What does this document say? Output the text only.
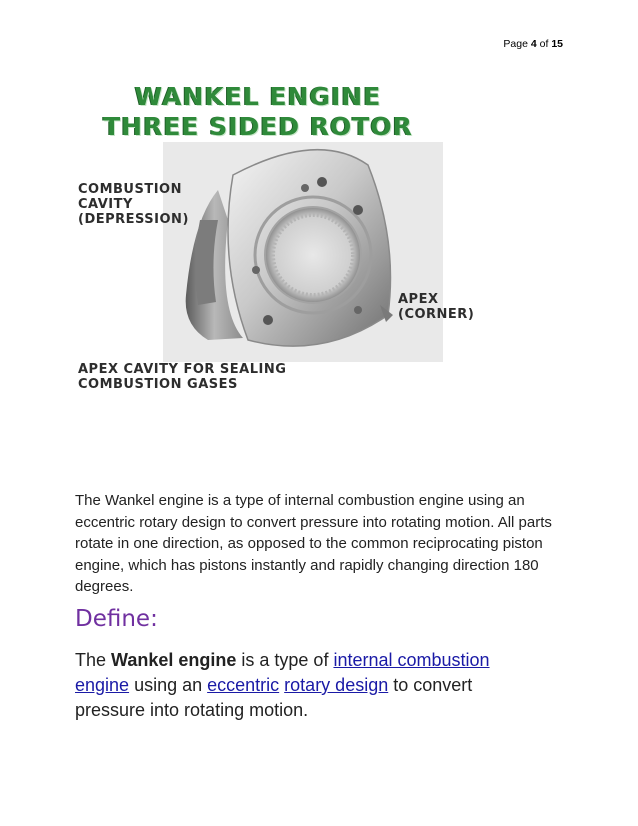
Page 4 of 15
WANKEL ENGINE
THREE SIDED ROTOR
COMBUSTION
CAVITY
(DEPRESSION)
APEX
(CORNER)
APEX CAVITY FOR SEALING
COMBUSTION GASES

The Wankel engine is a type of internal combustion engine using an eccentric rotary design to convert pressure into rotating motion. All parts rotate in one direction, as opposed to the common reciprocating piston engine, which has pistons instantly and rapidly changing direction 180 degrees.

Define:

The Wankel engine is a type of internal combustion engine using an eccentric rotary design to convert pressure into rotating motion.
